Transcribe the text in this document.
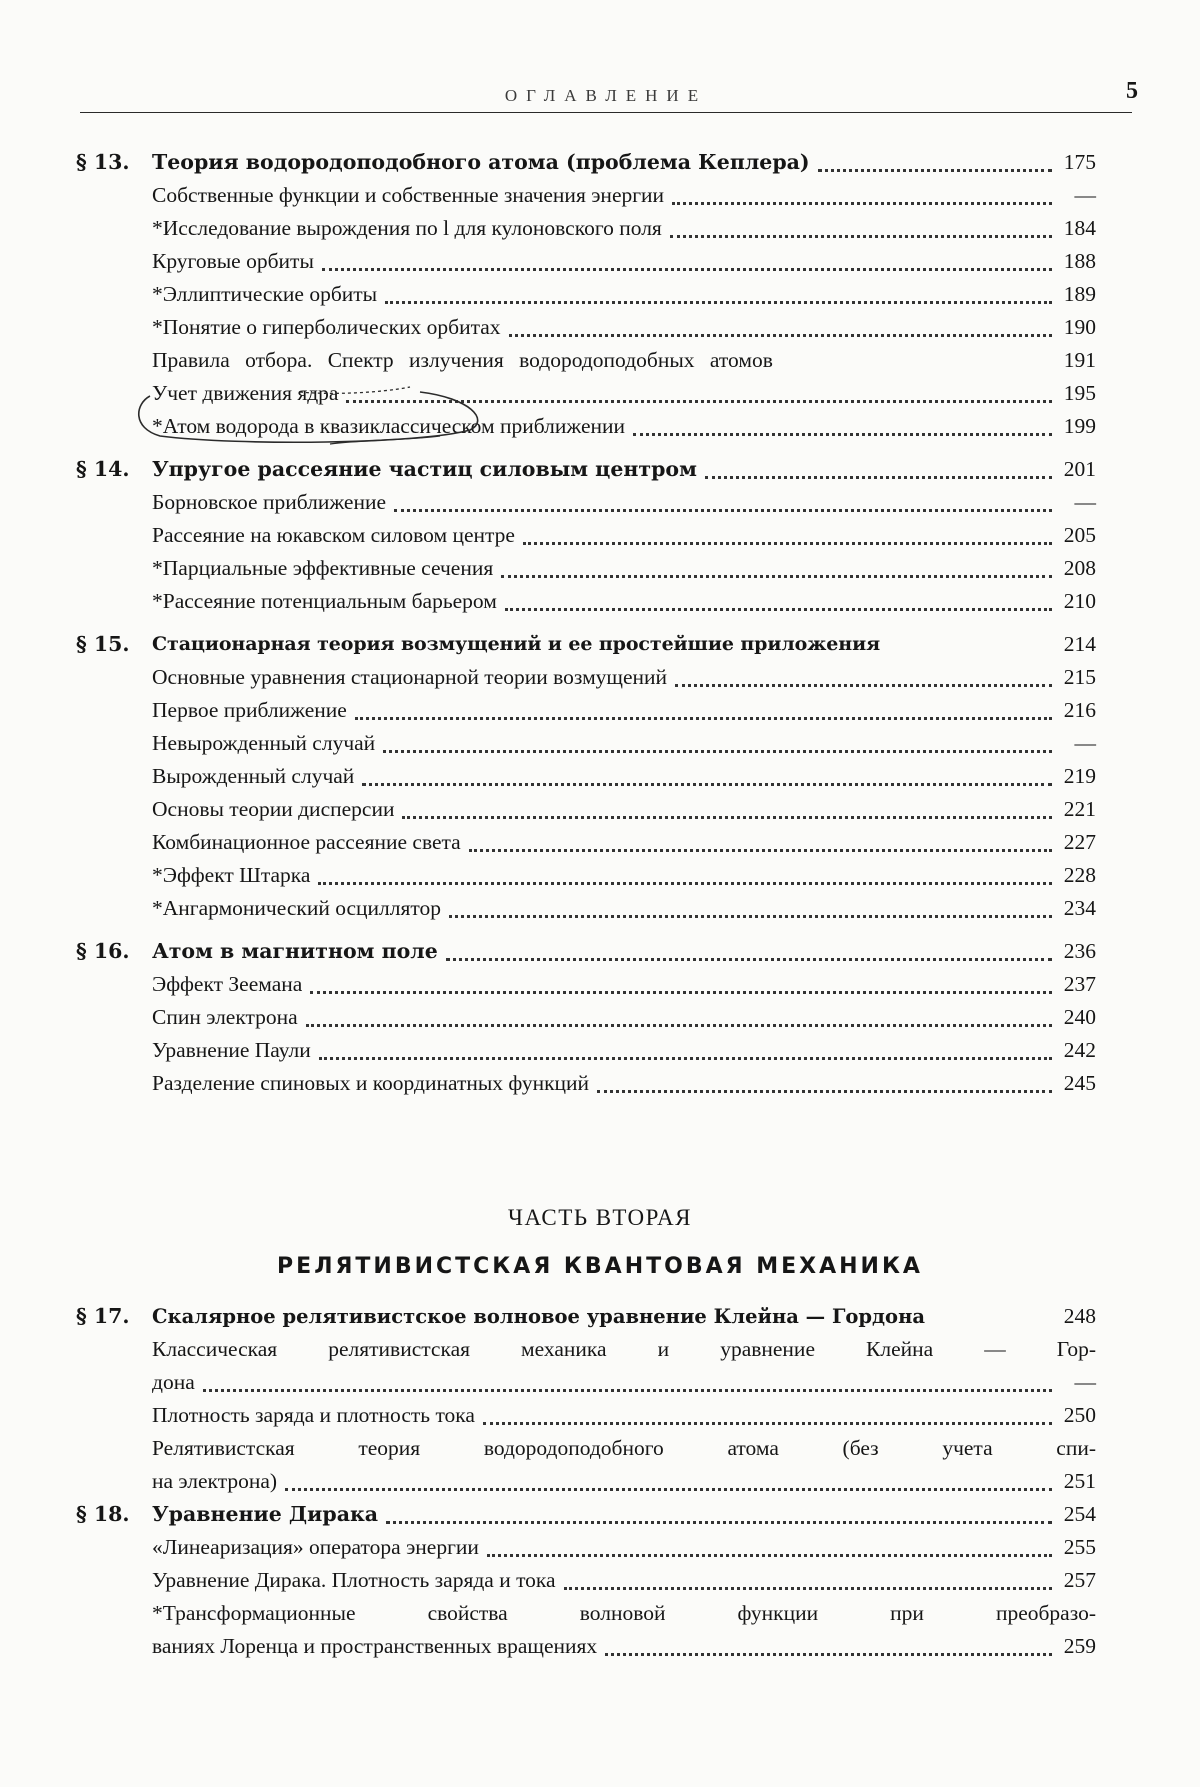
ОГЛАВЛЕНИЕ	5
§ 13.	Теория водородоподобного атома (проблема Кеплера)	175
Собственные функции и собственные значения энергии	—
*Исследование вырождения по l для кулоновского поля	184
Круговые орбиты	188
*Эллиптические орбиты	189
*Понятие о гиперболических орбитах	190
Правила отбора. Спектр излучения водородоподобных атомов	191
Учет движения ядра	195
*Атом водорода в квазиклассическом приближении	199
§ 14.	Упругое рассеяние частиц силовым центром	201
Борновское приближение	—
Рассеяние на юкавском силовом центре	205
*Парциальные эффективные сечения	208
*Рассеяние потенциальным барьером	210
§ 15.	Стационарная теория возмущений и ее простейшие приложения	214
Основные уравнения стационарной теории возмущений	215
Первое приближение	216
Невырожденный случай	—
Вырожденный случай	219
Основы теории дисперсии	221
Комбинационное рассеяние света	227
*Эффект Штарка	228
*Ангармонический осциллятор	234
§ 16.	Атом в магнитном поле	236
Эффект Зеемана	237
Спин электрона	240
Уравнение Паули	242
Разделение спиновых и координатных функций	245
ЧАСТЬ ВТОРАЯ
РЕЛЯТИВИСТСКАЯ КВАНТОВАЯ МЕХАНИКА
§ 17.	Скалярное релятивистское волновое уравнение Клейна — Гордона	248
Классическая релятивистская механика и уравнение Клейна — Гор-
дона	—
Плотность заряда и плотность тока	250
Релятивистская теория водородоподобного атома (без учета спи-
на электрона)	251
§ 18.	Уравнение Дирака	254
«Линеаризация» оператора энергии	255
Уравнение Дирака. Плотность заряда и тока	257
*Трансформационные свойства волновой функции при преобразо-
ваниях Лоренца и пространственных вращениях	259
